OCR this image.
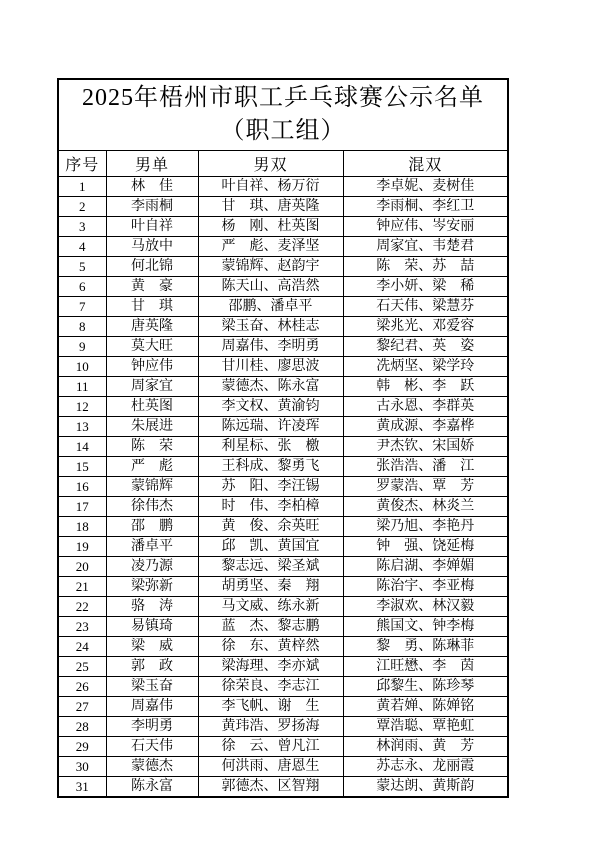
2025年梧州市职工乒乓球赛公示名单
（职工组）			

序号	男单	男双	混双
1	林　佳	叶自祥、杨万衍	李卓妮、麦树佳
2	李雨桐	甘　琪、唐英隆	李雨桐、李红卫
3	叶自祥	杨　刚、杜英图	钟应伟、岑安丽
4	马放中	严　彪、麦泽坚	周家宜、韦楚君
5	何北锦	蒙锦辉、赵韵宇	陈　荣、苏　喆
6	黄　豪	陈天山、高浩然	李小妍、梁　稀
7	甘　琪	邵鹏、潘卓平	石天伟、梁慧芬
8	唐英隆	梁玉奋、林桂志	梁兆光、邓爱容
9	莫大旺	周嘉伟、李明勇	黎纪君、英　姿
10	钟应伟	甘川桂、廖思波	冼炳坚、梁学玲
11	周家宜	蒙德杰、陈永富	韩　彬、李　跃
12	杜英图	李文权、黄渝钧	古永恩、李群英
13	朱展进	陈远瑞、许凌珲	黄成源、李嘉桦
14	陈　荣	利星标、张　檄	尹杰钦、宋国娇
15	严　彪	王科成、黎勇飞	张浩浩、潘　江
16	蒙锦辉	苏　阳、李汪锡	罗蒙浩、覃　芳
17	徐伟杰	时　伟、李柏樟	黄俊杰、林炎兰
18	邵　鹏	黄　俊、余英旺	梁乃旭、李艳丹
19	潘卓平	邱　凯、黄国宜	钟　强、饶延梅
20	凌乃源	黎志远、梁圣斌	陈启湖、李婵媚
21	梁弥新	胡勇坚、秦　翔	陈治宇、李亚梅
22	骆　涛	马文威、练永新	李淑欢、林汉毅
23	易镇琦	蓝　杰、黎志鹏	熊国文、钟李梅
24	梁　威	徐　东、黄梓然	黎　勇、陈琳菲
25	郭　政	梁海理、李亦斌	江旺懋、李　茵
26	梁玉奋	徐荣良、李志江	邱黎生、陈珍琴
27	周嘉伟	李飞帆、谢　生	黄若婵、陈婵铭
28	李明勇	黄玮浩、罗扬海	覃浩聪、覃艳虹
29	石天伟	徐　云、曾凡江	林润雨、黄　芳
30	蒙德杰	何洪雨、唐恩生	苏志永、龙丽霞
31	陈永富	郭德杰、区智翔	蒙达朗、黄斯韵
